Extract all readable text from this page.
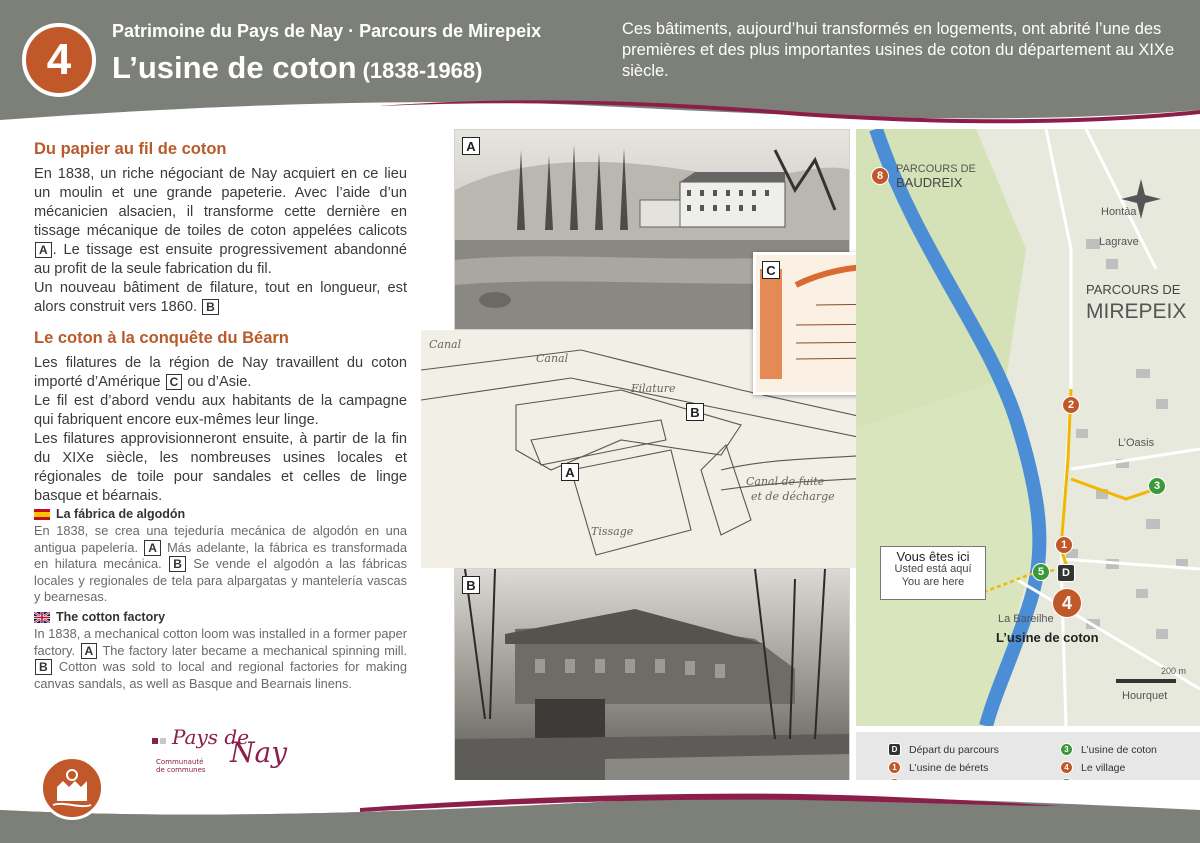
4
Patrimoine du Pays de Nay · Parcours de Mirepeix
L’usine de coton (1838-1968)
Ces bâtiments, aujourd’hui transformés en logements, ont abrité l’une des premières et des plus importantes usines de coton du département au XIXe siècle.
Du papier au fil de coton
En 1838, un riche négociant de Nay acquiert en ce lieu un moulin et une grande papeterie. Avec l’aide d’un mécanicien alsacien, il transforme cette dernière en tissage mécanique de toiles de coton appelées calicots A . Le tissage est ensuite progressivement abandonné au profit de la seule fabrication du fil.
Un nouveau bâtiment de filature, tout en longueur, est alors construit vers 1860. B
Le coton à la conquête du Béarn
Les filatures de la région de Nay travaillent du coton importé d’Amérique C ou d’Asie.
Le fil est d’abord vendu aux habitants de la campagne qui fabriquent encore eux-mêmes leur linge.
Les filatures approvisionneront ensuite, à partir de la fin du XIXe siècle, les nombreuses usines locales et régionales de toile pour sandales et celles de linge basque et béarnais.
La fábrica de algodón
En 1838, se crea una tejeduría mecánica de algodón en una antigua papelería. A Más adelante, la fábrica es transformada en hilatura mecánica. B Se vende el algodón a las fábricas locales y regionales de tela para alpargatas y mantelería vascas y bearnesas.
The cotton factory
In 1838, a mechanical cotton loom was installed in a former paper factory. A The factory later became a mechanical spinning mill. B Cotton was sold to local and regional factories for making canvas sandals, as well as Basque and Bearnais linens.
A
Canal
Canal
Filature
Tissage
Canal de fuite
et de décharge
B
A
B
C
PARCOURS DE
BAUDREIX
Hontàa
Lagrave
PARCOURS DE
MIREPEIX
L’Oasis
La Bareilhe
Hourquet
200 m
8
2
3
1
5	D
4
Vous êtes ici
Usted está aquí
You are here
L’usine de coton
D	Départ du parcours
1	L’usine de bérets
3	L’usine de coton
4	Le village
Pays de
Nay
Communauté
de communes
